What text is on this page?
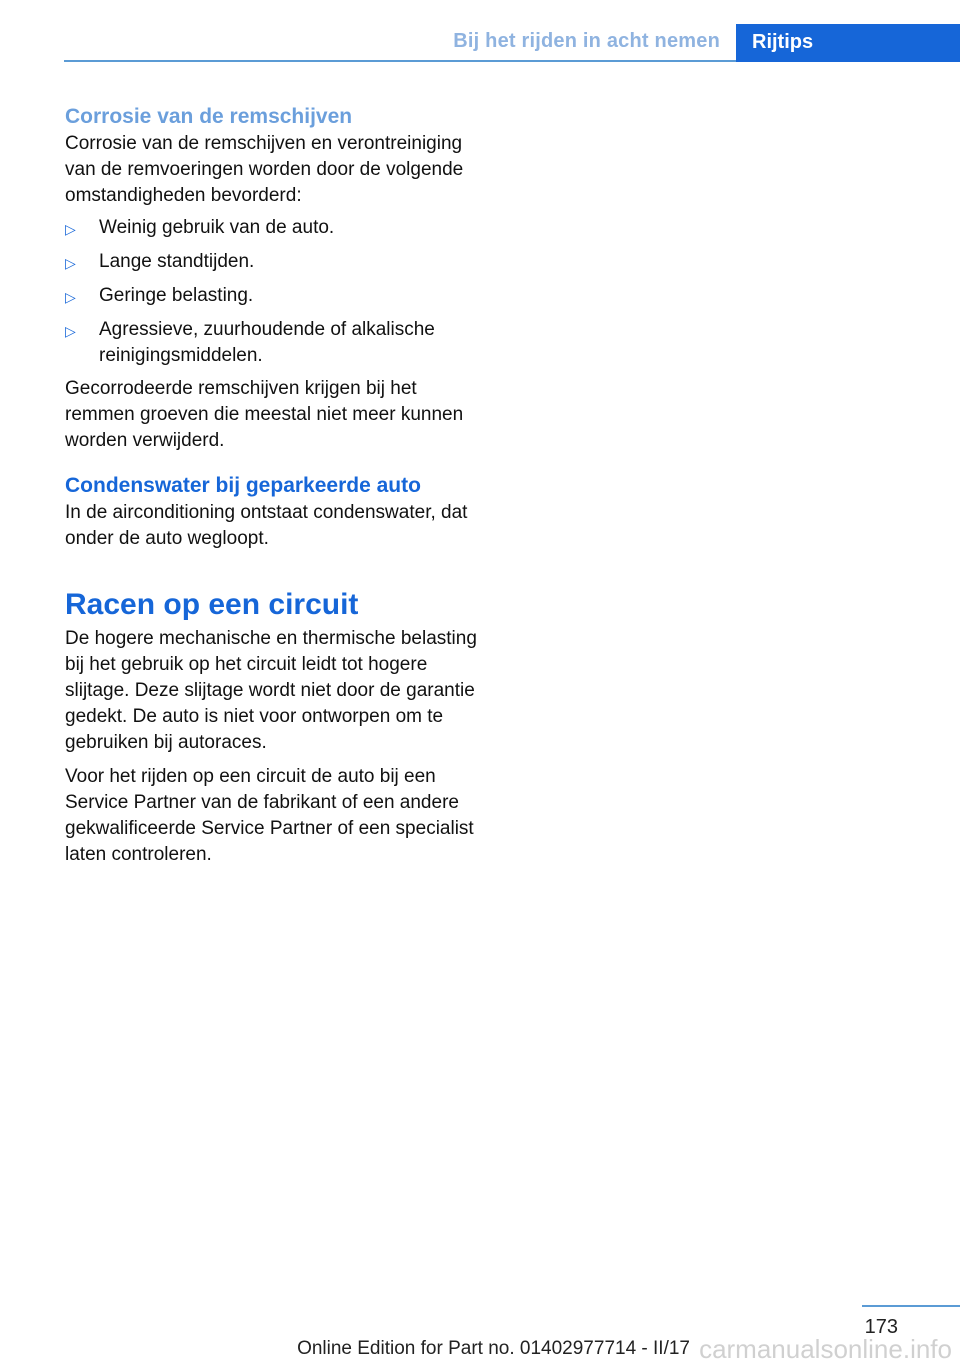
Bij het rijden in acht nemen	Rijtips
Corrosie van de remschijven

Corrosie van de remschijven en verontreiniging van de remvoeringen worden door de volgende omstandigheden bevorderd:

▷	Weinig gebruik van de auto.
▷	Lange standtijden.
▷	Geringe belasting.
▷	Agressieve, zuurhoudende of alkalische reinigingsmiddelen.

Gecorrodeerde remschijven krijgen bij het remmen groeven die meestal niet meer kunnen worden verwijderd.

Condenswater bij geparkeerde auto

In de airconditioning ontstaat condenswater, dat onder de auto wegloopt.

Racen op een circuit

De hogere mechanische en thermische belasting bij het gebruik op het circuit leidt tot hogere slijtage. Deze slijtage wordt niet door de garantie gedekt. De auto is niet voor ontworpen om te gebruiken bij autoraces.

Voor het rijden op een circuit de auto bij een Service Partner van de fabrikant of een andere gekwalificeerde Service Partner of een specialist laten controleren.

173
Online Edition for Part no. 01402977714 - II/17 carmanualsonline.info
